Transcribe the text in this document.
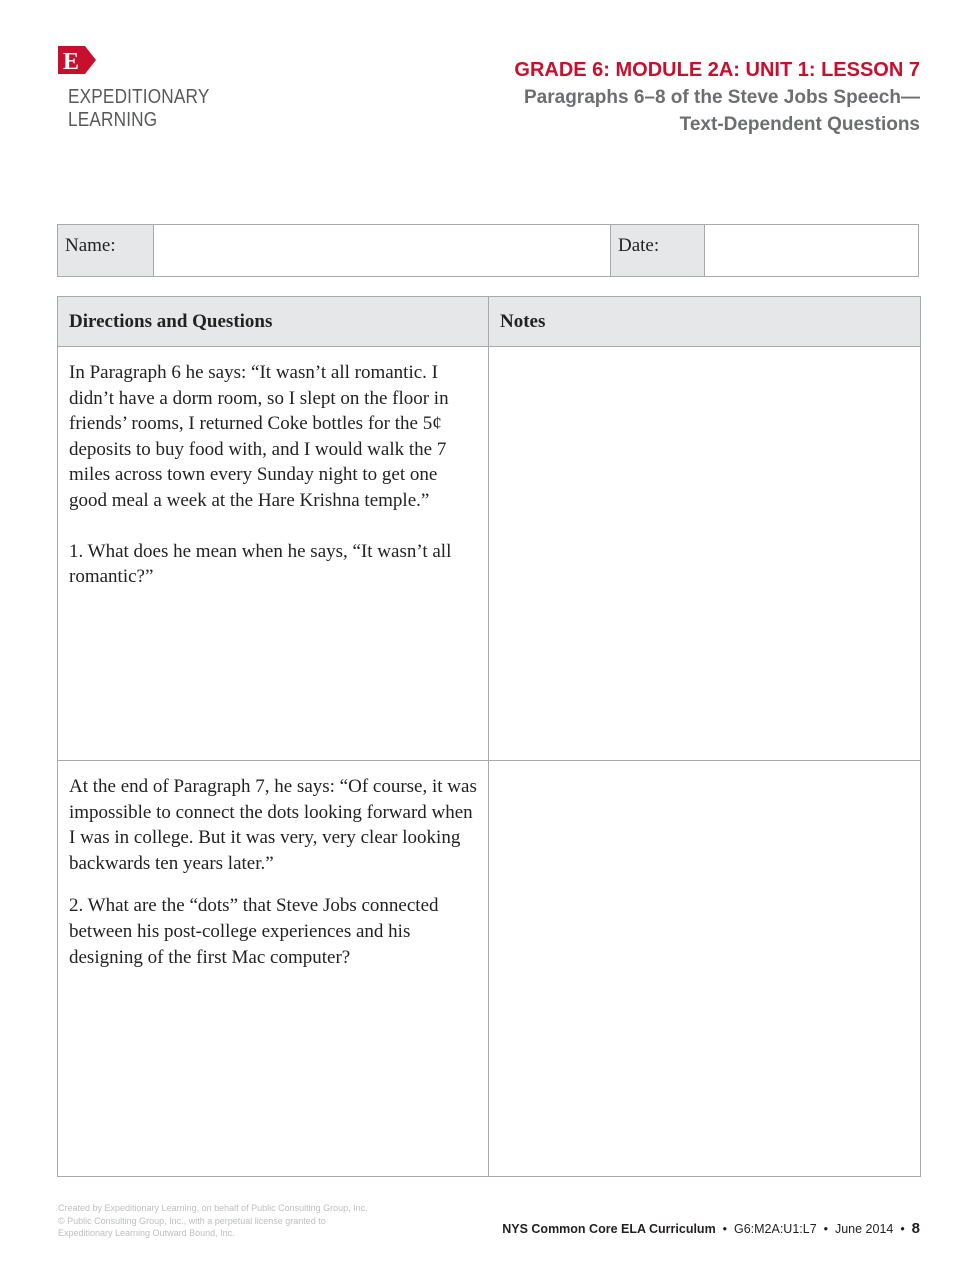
E
EXPEDITIONARY
LEARNING
GRADE 6: MODULE 2A: UNIT 1: LESSON 7
Paragraphs 6–8 of the Steve Jobs Speech—
Text-Dependent Questions
Name:	Date:
Directions and Questions	Notes

In Paragraph 6 he says: “It wasn’t all romantic. I didn’t have a dorm room, so I slept on the floor in friends’ rooms, I returned Coke bottles for the 5¢ deposits to buy food with, and I would walk the 7 miles across town every Sunday night to get one good meal a week at the Hare Krishna temple.”

1. What does he mean when he says, “It wasn’t all romantic?”	

At the end of Paragraph 7, he says: “Of course, it was impossible to connect the dots looking forward when I was in college. But it was very, very clear looking backwards ten years later.”

2. What are the “dots” that Steve Jobs connected between his post-college experiences and his designing of the first Mac computer?	

Created by Expeditionary Learning, on behalf of Public Consulting Group, Inc.
© Public Consulting Group, Inc., with a perpetual license granted to
Expeditionary Learning Outward Bound, Inc.	NYS Common Core ELA Curriculum • G6:M2A:U1:L7 • June 2014 • 8
